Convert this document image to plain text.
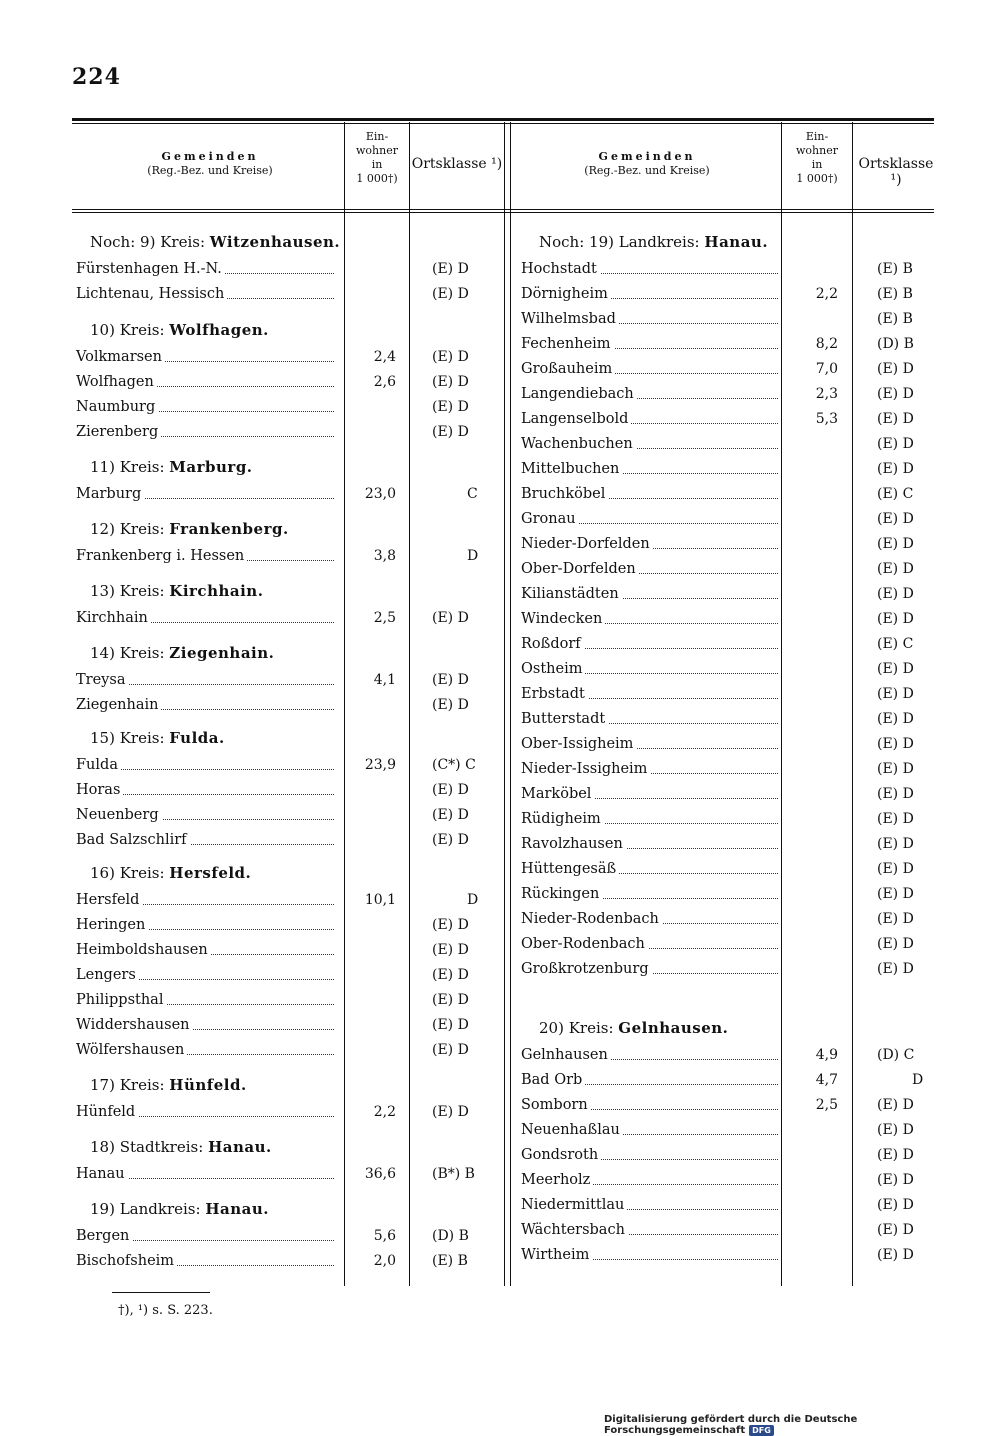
224
Gemeinden
(Reg.-Bez. und Kreise)
Ein-
wohner
in
1 000†)
Ortsklasse ¹)	Gemeinden
(Reg.-Bez. und Kreise)
Ein-
wohner
in
1 000†)
Ortsklasse ¹)
Noch: 9) Kreis: Witzenhausen.
Fürstenhagen H.-N.	(E) D
Lichtenau, Hessisch	(E) D
10) Kreis: Wolfhagen.
Volkmarsen	2,4	(E) D
Wolfhagen	2,6	(E) D
Naumburg	(E) D
Zierenberg	(E) D
11) Kreis: Marburg.
Marburg	23,0	C
12) Kreis: Frankenberg.
Frankenberg i. Hessen	3,8	D
13) Kreis: Kirchhain.
Kirchhain	2,5	(E) D
14) Kreis: Ziegenhain.
Treysa	4,1	(E) D
Ziegenhain	(E) D
15) Kreis: Fulda.
Fulda	23,9	(C*) C
Horas	(E) D
Neuenberg	(E) D
Bad Salzschlirf	(E) D
16) Kreis: Hersfeld.
Hersfeld	10,1	D
Heringen	(E) D
Heimboldshausen	(E) D
Lengers	(E) D
Philippsthal	(E) D
Widdershausen	(E) D
Wölfershausen	(E) D
17) Kreis: Hünfeld.
Hünfeld	2,2	(E) D
18) Stadtkreis: Hanau.
Hanau	36,6	(B*) B
19) Landkreis: Hanau.
Bergen	5,6	(D) B
Bischofsheim	2,0	(E) B
Noch: 19) Landkreis: Hanau.
Hochstadt	(E) B
Dörnigheim	2,2	(E) B
Wilhelmsbad	(E) B
Fechenheim	8,2	(D) B
Großauheim	7,0	(E) D
Langendiebach	2,3	(E) D
Langenselbold	5,3	(E) D
Wachenbuchen	(E) D
Mittelbuchen	(E) D
Bruchköbel	(E) C
Gronau	(E) D
Nieder-Dorfelden	(E) D
Ober-Dorfelden	(E) D
Kilianstädten	(E) D
Windecken	(E) D
Roßdorf	(E) C
Ostheim	(E) D
Erbstadt	(E) D
Butterstadt	(E) D
Ober-Issigheim	(E) D
Nieder-Issigheim	(E) D
Marköbel	(E) D
Rüdigheim	(E) D
Ravolzhausen	(E) D
Hüttengesäß	(E) D
Rückingen	(E) D
Nieder-Rodenbach	(E) D
Ober-Rodenbach	(E) D
Großkrotzenburg	(E) D
20) Kreis: Gelnhausen.
Gelnhausen	4,9	(D) C
Bad Orb	4,7	D
Somborn	2,5	(E) D
Neuenhaßlau	(E) D
Gondsroth	(E) D
Meerholz	(E) D
Niedermittlau	(E) D
Wächtersbach	(E) D
Wirtheim	(E) D
†), ¹) s. S. 223.
Digitalisierung gefördert durch die Deutsche Forschungsgemeinschaft DFG
